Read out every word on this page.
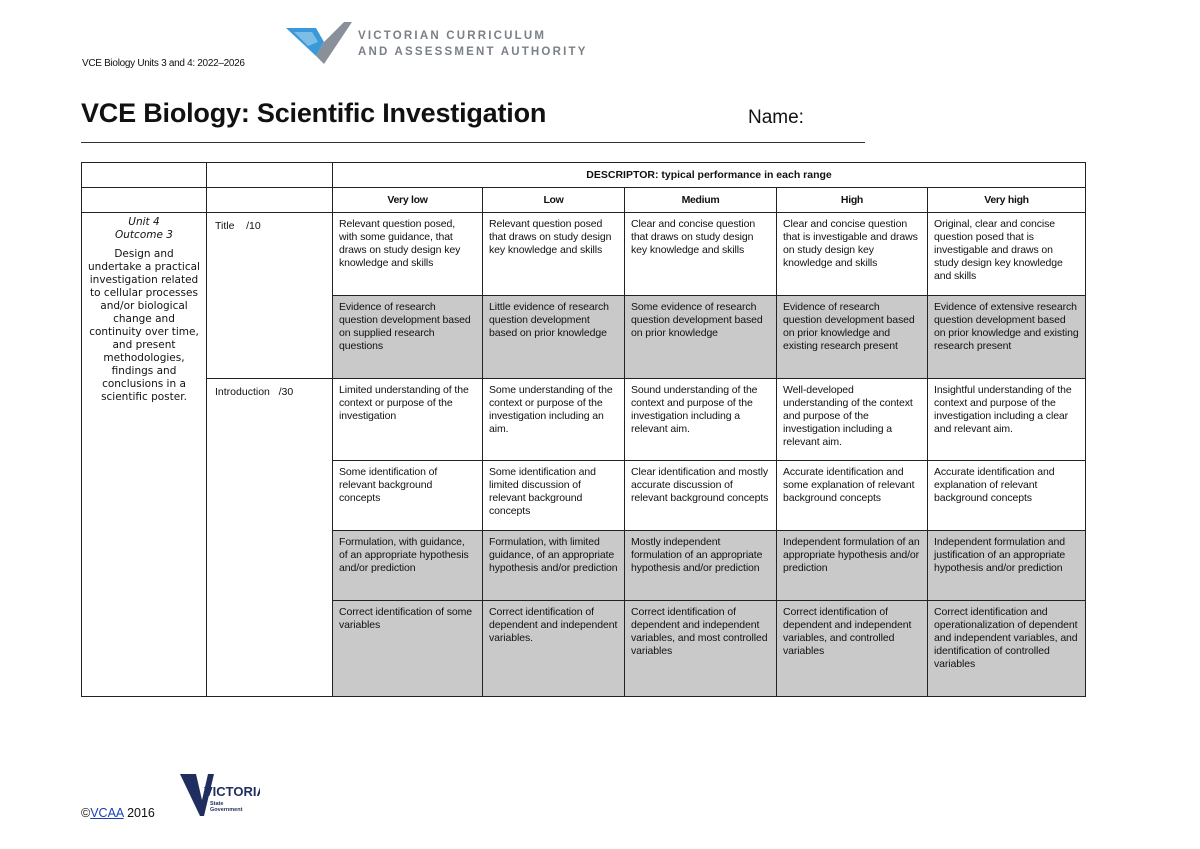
VCE Biology Units 3 and 4: 2022–2026
VICTORIAN CURRICULUM
AND ASSESSMENT AUTHORITY
VCE Biology: Scientific Investigation	Name:
		DESCRIPTOR: typical performance in each range				
		Very low	Low	Medium	High	Very high

Unit 4
Outcome 3
Design and undertake a practical investigation related to cellular processes and/or biological change and continuity over time, and present methodologies, findings and conclusions in a scientific poster.	Title    /10	Relevant question posed, with some guidance, that draws on study design key knowledge and skills	Relevant question posed that draws on study design key knowledge and skills	Clear and concise question that draws on study design key knowledge and skills	Clear and concise question that is investigable and draws on study design key knowledge and skills	Original, clear and concise question posed that is investigable and draws on study design key knowledge and skills
		Evidence of research question development based on supplied research questions	Little evidence of research question development based on prior knowledge	Some evidence of research question development based on prior knowledge	Evidence of research question development based on prior knowledge and existing research present	Evidence of extensive research question development based on prior knowledge and existing research present
	Introduction   /30	Limited understanding of the context or purpose of the investigation	Some understanding of the context or purpose of the investigation including an aim.	Sound understanding of the context and purpose of the investigation including a relevant aim.	Well-developed understanding of the context and purpose of the investigation including a relevant aim.	Insightful understanding of the context and purpose of the investigation including a clear and relevant aim.
		Some identification of relevant background concepts	Some identification and limited discussion of relevant background concepts	Clear identification and mostly accurate discussion of relevant background concepts	Accurate identification and some explanation of relevant background concepts	Accurate identification and explanation of relevant background concepts
		Formulation, with guidance, of an appropriate hypothesis and/or prediction	Formulation, with limited guidance, of an appropriate hypothesis and/or prediction	Mostly independent formulation of an appropriate hypothesis and/or prediction	Independent formulation of an appropriate hypothesis and/or prediction	Independent formulation and justification of an appropriate hypothesis and/or prediction
		Correct identification of some variables	Correct identification of dependent and independent variables.	Correct identification of dependent and independent variables, and most controlled variables	Correct identification of dependent and independent variables, and controlled variables	Correct identification and operationalization of dependent and independent variables, and identification of controlled variables
VICTORIA
State
Government
©VCAA 2016
